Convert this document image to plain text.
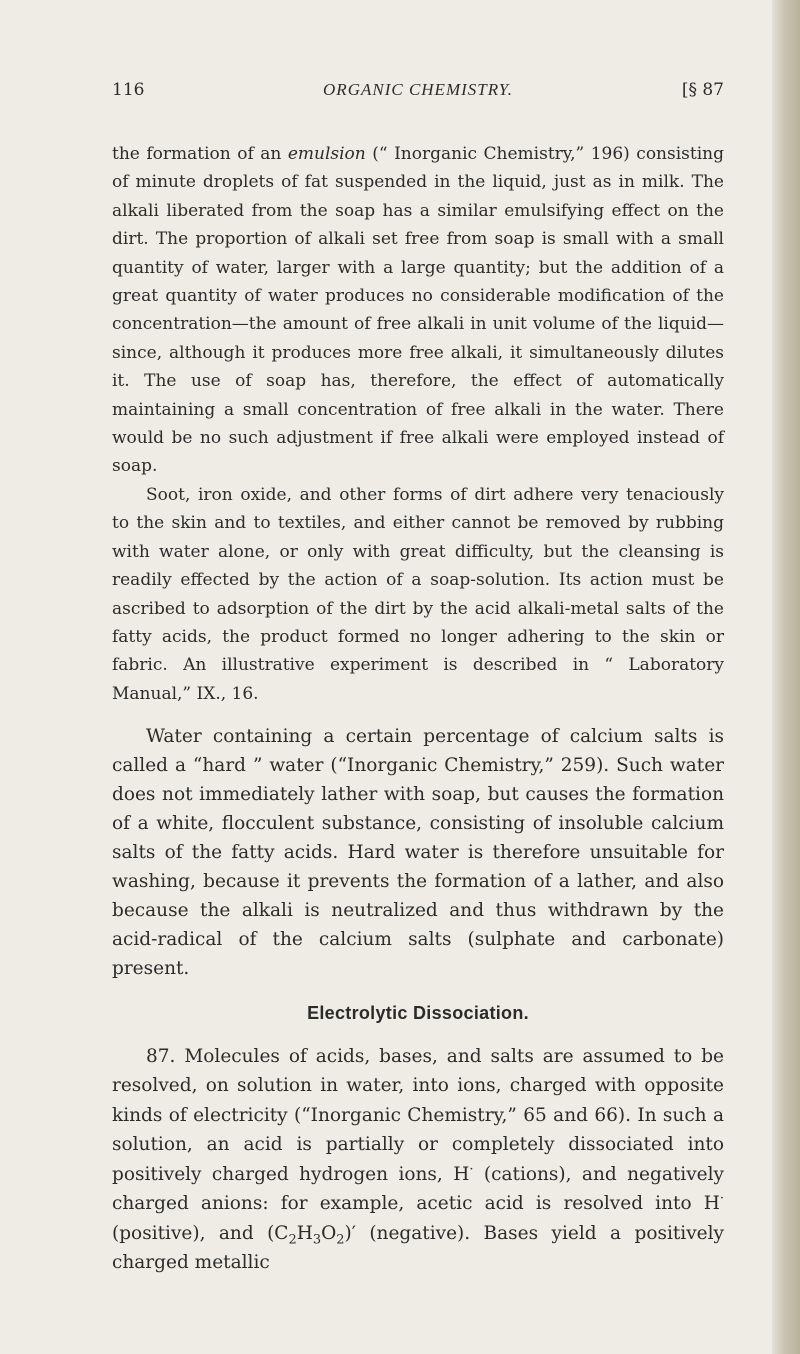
116	ORGANIC CHEMISTRY.	[§ 87

the formation of an emulsion (“ Inorganic Chemistry,” 196) consisting of minute droplets of fat suspended in the liquid, just as in milk. The alkali liberated from the soap has a similar emulsifying effect on the dirt. The proportion of alkali set free from soap is small with a small quantity of water, larger with a large quantity; but the addition of a great quantity of water produces no considerable modification of the concentration—the amount of free alkali in unit volume of the liquid—since, although it produces more free alkali, it simultaneously dilutes it. The use of soap has, therefore, the effect of automatically maintaining a small concentration of free alkali in the water. There would be no such adjustment if free alkali were employed instead of soap.

Soot, iron oxide, and other forms of dirt adhere very tenaciously to the skin and to textiles, and either cannot be removed by rubbing with water alone, or only with great difficulty, but the cleansing is readily effected by the action of a soap-solution. Its action must be ascribed to adsorption of the dirt by the acid alkali-metal salts of the fatty acids, the product formed no longer adhering to the skin or fabric. An illustrative experiment is described in “ Laboratory Manual,” IX., 16.

Water containing a certain percentage of calcium salts is called a “hard ” water (“Inorganic Chemistry,” 259). Such water does not immediately lather with soap, but causes the formation of a white, flocculent substance, consisting of insoluble calcium salts of the fatty acids. Hard water is therefore unsuitable for washing, because it prevents the formation of a lather, and also because the alkali is neutralized and thus withdrawn by the acid-radical of the calcium salts (sulphate and carbonate) present.

Electrolytic Dissociation.

87. Molecules of acids, bases, and salts are assumed to be resolved, on solution in water, into ions, charged with opposite kinds of electricity (“Inorganic Chemistry,” 65 and 66). In such a solution, an acid is partially or completely dissociated into positively charged hydrogen ions, H· (cations), and negatively charged anions: for example, acetic acid is resolved into H· (positive), and $(C_2H_3O_2)'$ (negative). Bases yield a positively charged metallic
